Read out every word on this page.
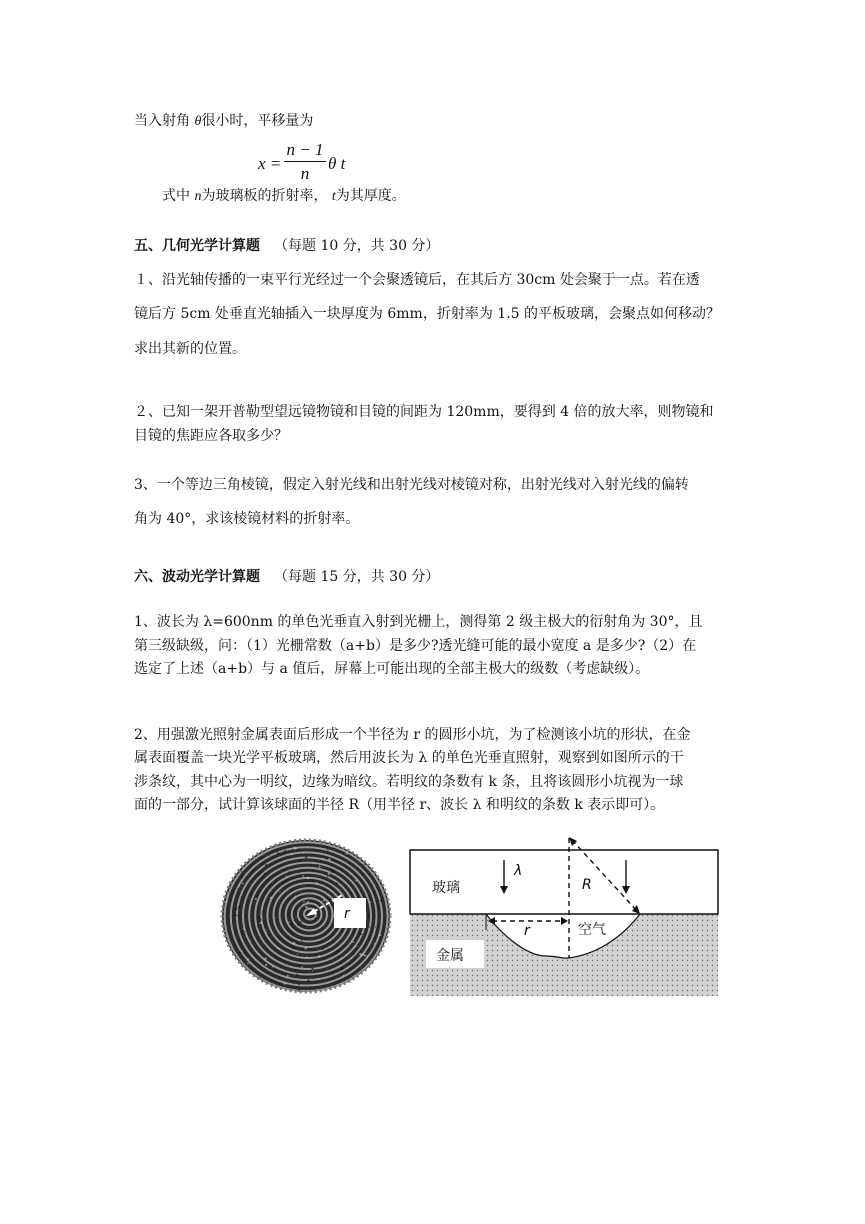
当入射角 θ很小时，平移量为
x =
n − 1
n
θ t
式中 n为玻璃板的折射率， t为其厚度。
五、几何光学计算题 （每题 10 分，共 30 分）
１、沿光轴传播的一束平行光经过一个会聚透镜后，在其后方 30cm 处会聚于一点。若在透
镜后方 5cm 处垂直光轴插入一块厚度为 6mm，折射率为 1.5 的平板玻璃，会聚点如何移动？
求出其新的位置。
２、已知一架开普勒型望远镜物镜和目镜的间距为 120mm，要得到 4 倍的放大率，则物镜和
目镜的焦距应各取多少？
3、一个等边三角棱镜，假定入射光线和出射光线对棱镜对称，出射光线对入射光线的偏转
角为 40°，求该棱镜材料的折射率。
六、波动光学计算题 （每题 15 分，共 30 分）
1、波长为 λ=600nm 的单色光垂直入射到光栅上，测得第 2 级主极大的衍射角为 30°，且
第三级缺级，问：（1）光栅常数（a+b）是多少?透光缝可能的最小宽度 a 是多少?（2）在
选定了上述（a+b）与 a 值后，屏幕上可能出现的全部主极大的级数（考虑缺级）。
2、用强激光照射金属表面后形成一个半径为 r 的圆形小坑，为了检测该小坑的形状，在金
属表面覆盖一块光学平板玻璃，然后用波长为 λ 的单色光垂直照射，观察到如图所示的干
涉条纹，其中心为一明纹，边缘为暗纹。若明纹的条数有 k 条，且将该圆形小坑视为一球
面的一部分，试计算该球面的半径 R（用半径 r、波长 λ 和明纹的条数 k 表示即可）。
r
玻璃
金属
空气
λ
R
r
